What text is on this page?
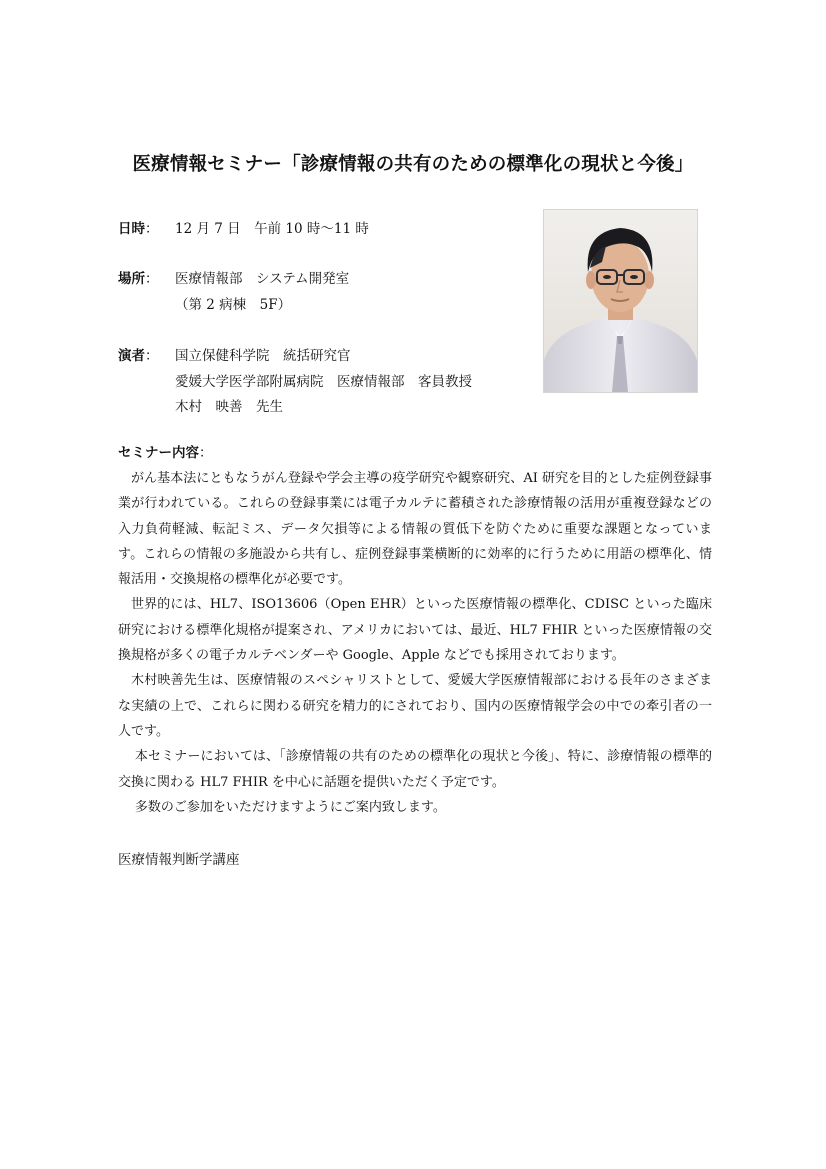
医療情報セミナー「診療情報の共有のための標準化の現状と今後」
日時：	12 月 7 日　午前 10 時～11 時
場所：	医療情報部　システム開発室
（第 2 病棟　5F）
演者：	国立保健科学院　統括研究官
愛媛大学医学部附属病院　医療情報部　客員教授
木村　映善　先生
セミナー内容：

がん基本法にともなうがん登録や学会主導の疫学研究や観察研究、AI 研究を目的とした症例登録事業が行われている。これらの登録事業には電子カルテに蓄積された診療情報の活用が重複登録などの入力負荷軽減、転記ミス、データ欠損等による情報の質低下を防ぐために重要な課題となっています。これらの情報の多施設から共有し、症例登録事業横断的に効率的に行うために用語の標準化、情報活用・交換規格の標準化が必要です。

世界的には、HL7、ISO13606（Open EHR）といった医療情報の標準化、CDISC といった臨床研究における標準化規格が提案され、アメリカにおいては、最近、HL7 FHIR といった医療情報の交換規格が多くの電子カルテベンダーや Google、Apple などでも採用されております。

木村映善先生は、医療情報のスペシャリストとして、愛媛大学医療情報部における長年のさまざまな実績の上で、これらに関わる研究を精力的にされており、国内の医療情報学会の中での牽引者の一人です。

本セミナーにおいては、「診療情報の共有のための標準化の現状と今後」、特に、診療情報の標準的交換に関わる HL7 FHIR を中心に話題を提供いただく予定です。

多数のご参加をいただけますようにご案内致します。

医療情報判断学講座
